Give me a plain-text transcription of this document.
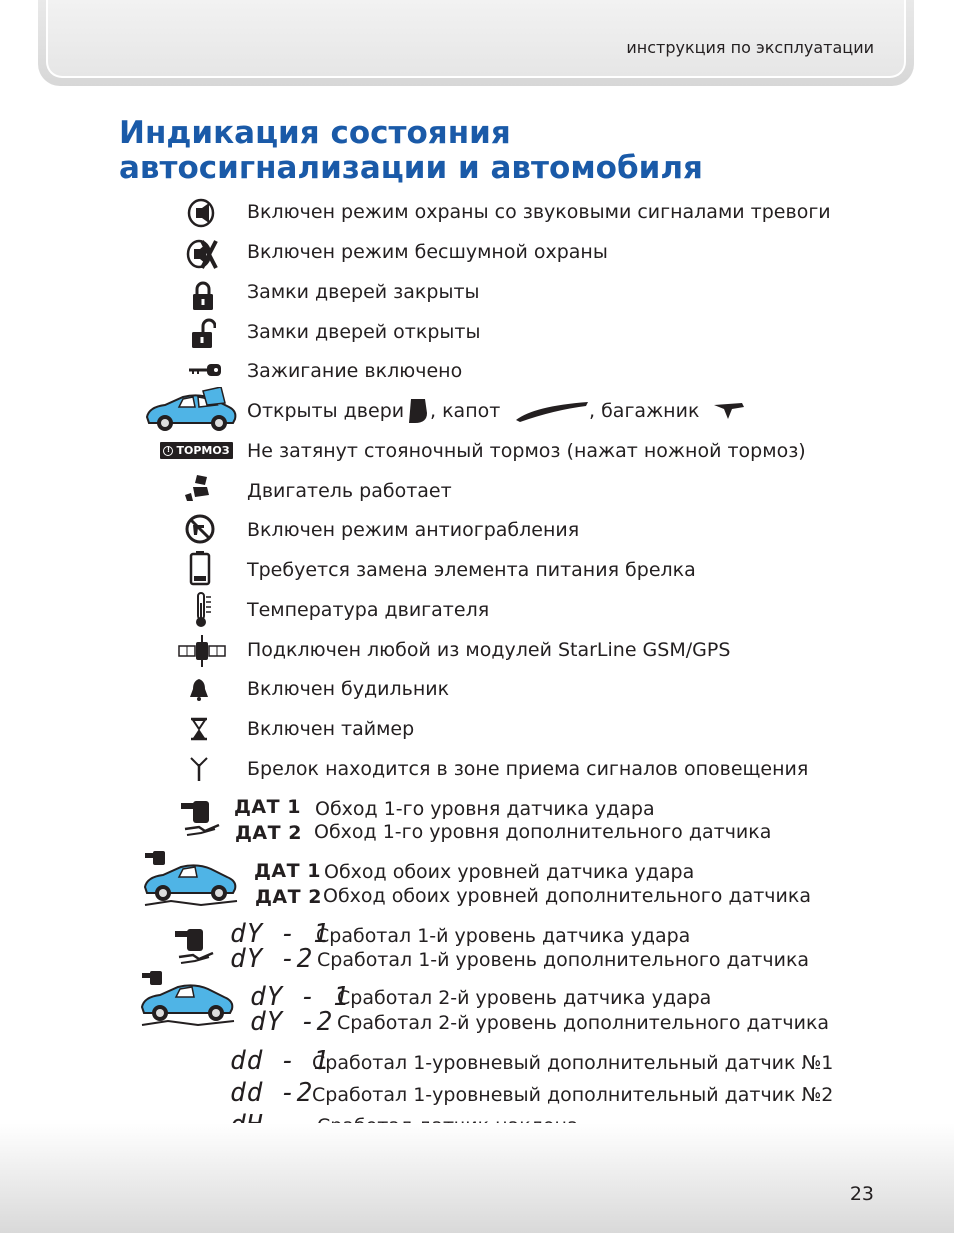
инструкция по эксплуатации
Индикация состояния
автосигнализации и автомобиля
Включен режим охраны со звуковыми сигналами тревоги
Включен режим бесшумной охраны
Замки дверей закрыты
Замки дверей открыты
Зажигание включено
Открыты двери , капот	, багажник
! ТОРМОЗ Не затянут стояночный тормоз (нажат ножной тормоз)
Двигатель работает
Включен режим антиограбления
Требуется замена элемента питания брелка
Температура двигателя
Подключен любой из модулей StarLine GSM/GPS
Включен будильник
Включен таймер
Брелок находится в зоне приема сигналов оповещения
ДАТ 1
ДАТ 2
Обход 1-го уровня датчика удара
Обход 1-го уровня дополнительного датчика
ДАТ 1
ДАТ 2
Обход обоих уровней датчика удара
Обход обоих уровней дополнительного датчика
dY - 1
dY -2
Сработал 1-й уровень датчика удара
Сработал 1-й уровень дополнительного датчика
dY - 1
dY -2
Сработал 2-й уровень датчика удара
Сработал 2-й уровень дополнительного датчика
dd - 1
Сработал 1-уровневый дополнительный датчик №1
dd -2
Сработал 1-уровневый дополнительный датчик №2
23
